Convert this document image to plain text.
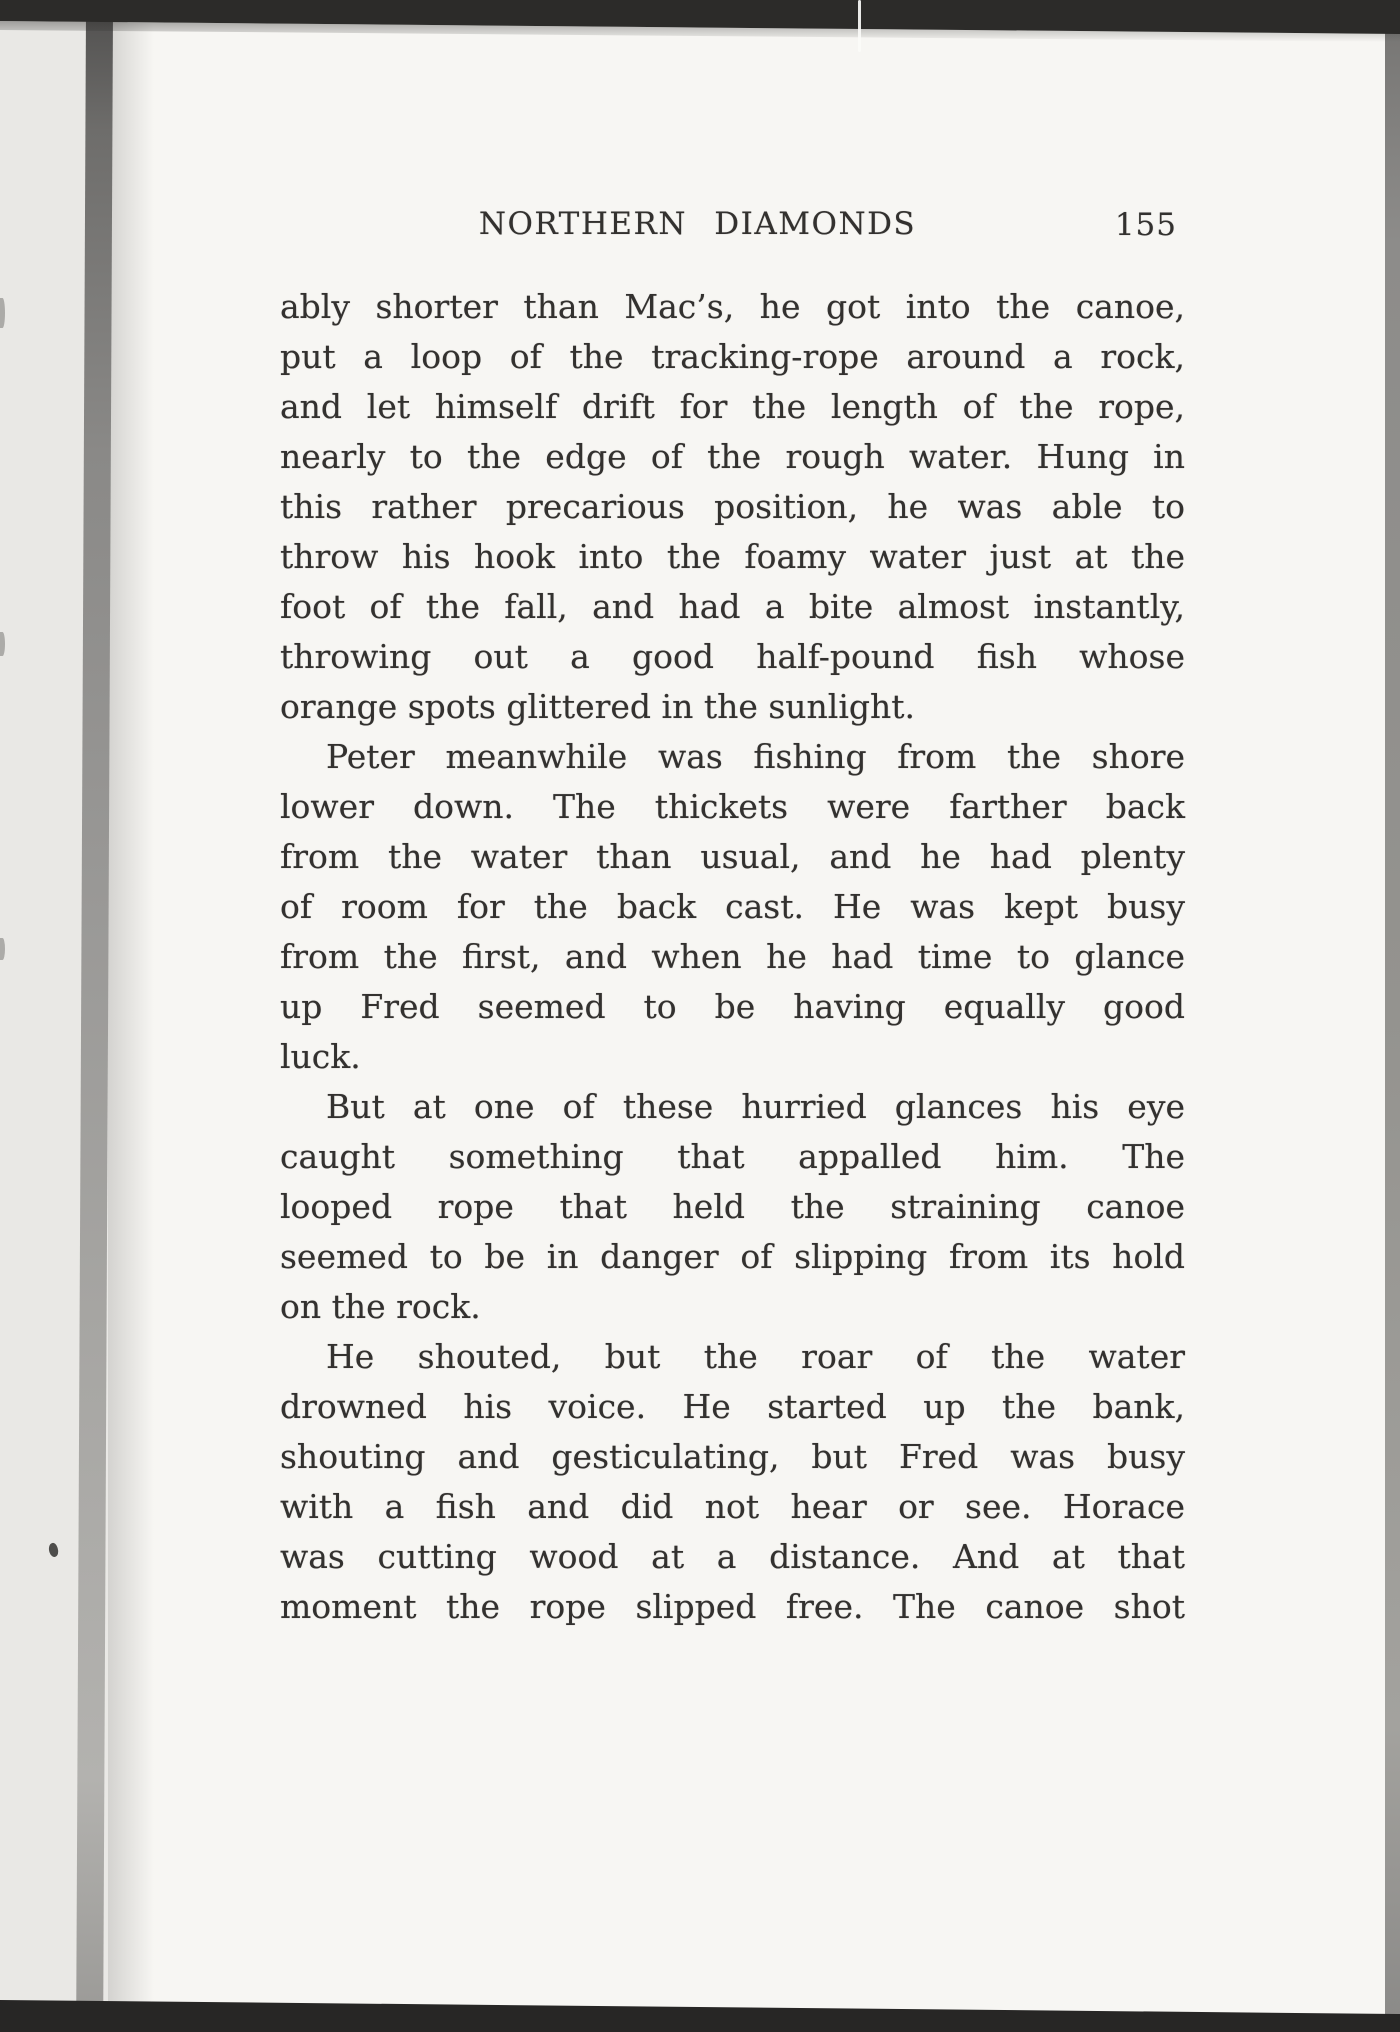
NORTHERN DIAMONDS	155
ably shorter than Mac’s, he got into the canoe,
put a loop of the tracking-rope around a rock,
and let himself drift for the length of the rope,
nearly to the edge of the rough water. Hung in
this rather precarious position, he was able to
throw his hook into the foamy water just at the
foot of the fall, and had a bite almost instantly,
throwing out a good half-pound fish whose
orange spots glittered in the sunlight.
Peter meanwhile was fishing from the shore
lower down. The thickets were farther back
from the water than usual, and he had plenty
of room for the back cast. He was kept busy
from the first, and when he had time to glance
up Fred seemed to be having equally good
luck.
But at one of these hurried glances his eye
caught something that appalled him. The
looped rope that held the straining canoe
seemed to be in danger of slipping from its hold
on the rock.
He shouted, but the roar of the water
drowned his voice. He started up the bank,
shouting and gesticulating, but Fred was busy
with a fish and did not hear or see. Horace
was cutting wood at a distance. And at that
moment the rope slipped free. The canoe shot
